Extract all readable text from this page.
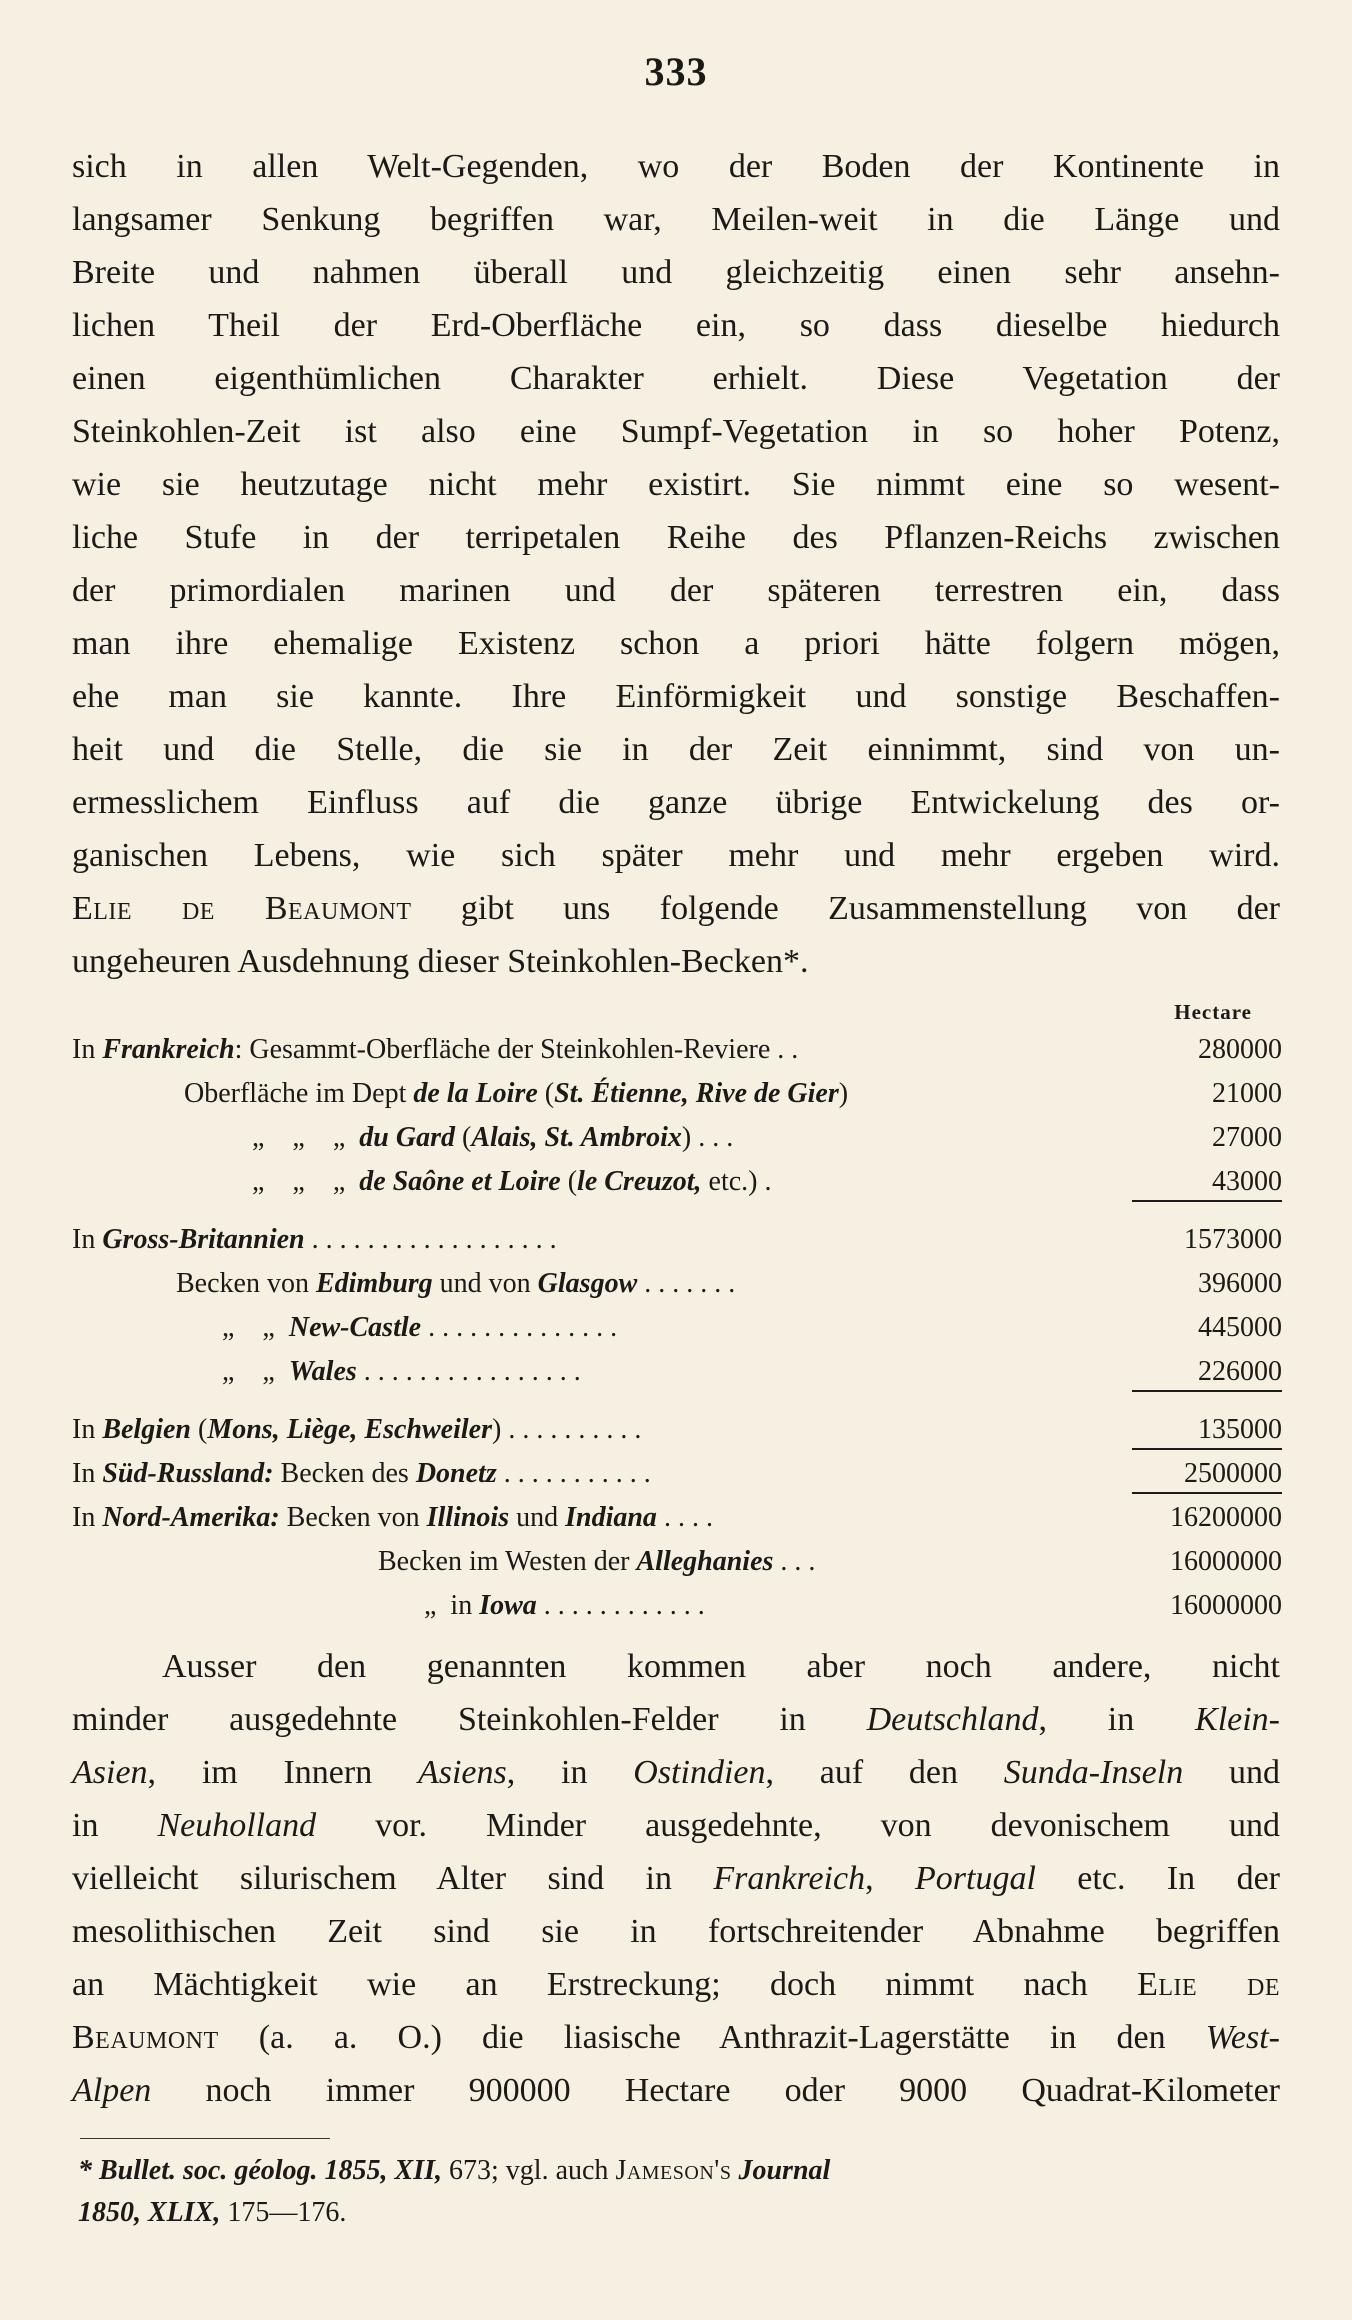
333
sich in allen Welt-Gegenden, wo der Boden der Kontinente in
langsamer Senkung begriffen war, Meilen-weit in die Länge und
Breite und nahmen überall und gleichzeitig einen sehr ansehn-
lichen Theil der Erd-Oberfläche ein, so dass dieselbe hiedurch
einen eigenthümlichen Charakter erhielt. Diese Vegetation der
Steinkohlen-Zeit ist also eine Sumpf-Vegetation in so hoher Potenz,
wie sie heutzutage nicht mehr existirt. Sie nimmt eine so wesent-
liche Stufe in der terripetalen Reihe des Pflanzen-Reichs zwischen
der primordialen marinen und der späteren terrestren ein, dass
man ihre ehemalige Existenz schon a priori hätte folgern mögen,
ehe man sie kannte. Ihre Einförmigkeit und sonstige Beschaffen-
heit und die Stelle, die sie in der Zeit einnimmt, sind von un-
ermesslichem Einfluss auf die ganze übrige Entwickelung des or-
ganischen Lebens, wie sich später mehr und mehr ergeben wird.
Elie de Beaumont gibt uns folgende Zusammenstellung von der
ungeheuren Ausdehnung dieser Steinkohlen-Becken*.
Hectare
In Frankreich: Gesammt-Oberfläche der Steinkohlen-Reviere . .	280000
Oberfläche im Dept de la Loire (St. Étienne, Rive de Gier)	21000
„    „    „  du Gard (Alais, St. Ambroix) . . .	27000
„    „    „  de Saône et Loire (le Creuzot, etc.) .	43000
In Gross-Britannien . . . . . . . . . . . . . . . . . .	1573000
Becken von Edimburg und von Glasgow . . . . . . .	396000
„    „  New-Castle . . . . . . . . . . . . . .	445000
„    „  Wales . . . . . . . . . . . . . . . .	226000
In Belgien (Mons, Liège, Eschweiler) . . . . . . . . . .	135000
In Süd-Russland: Becken des Donetz . . . . . . . . . . .	2500000
In Nord-Amerika: Becken von Illinois und Indiana . . . .	16200000
Becken im Westen der Alleghanies . . .	16000000
„  in Iowa . . . . . . . . . . . .	16000000
Ausser den genannten kommen aber noch andere, nicht
minder ausgedehnte Steinkohlen-Felder in Deutschland, in Klein-
Asien, im Innern Asiens, in Ostindien, auf den Sunda-Inseln und
in Neuholland vor. Minder ausgedehnte, von devonischem und
vielleicht silurischem Alter sind in Frankreich, Portugal etc. In der
mesolithischen Zeit sind sie in fortschreitender Abnahme begriffen
an Mächtigkeit wie an Erstreckung; doch nimmt nach Elie de
Beaumont (a. a. O.) die liasische Anthrazit-Lagerstätte in den West-
Alpen noch immer 900000 Hectare oder 9000 Quadrat-Kilometer
* Bullet. soc. géolog. 1855, XII, 673; vgl. auch Jameson's Journal
1850, XLIX, 175—176.
